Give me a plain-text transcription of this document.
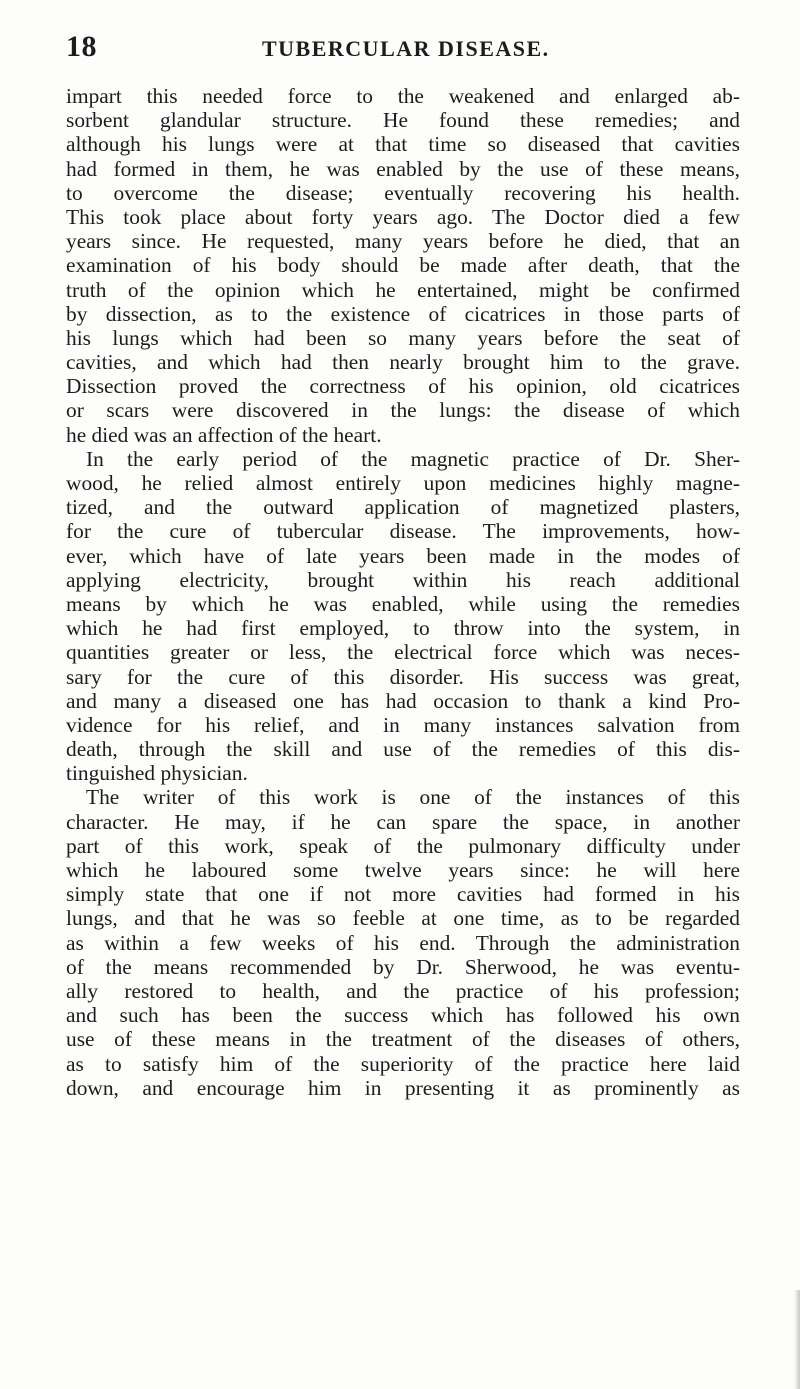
18	TUBERCULAR DISEASE.
impart this needed force to the weakened and enlarged ab-
sorbent glandular structure. He found these remedies; and
although his lungs were at that time so diseased that cavities
had formed in them, he was enabled by the use of these means,
to overcome the disease; eventually recovering his health.
This took place about forty years ago. The Doctor died a few
years since. He requested, many years before he died, that an
examination of his body should be made after death, that the
truth of the opinion which he entertained, might be confirmed
by dissection, as to the existence of cicatrices in those parts of
his lungs which had been so many years before the seat of
cavities, and which had then nearly brought him to the grave.
Dissection proved the correctness of his opinion, old cicatrices
or scars were discovered in the lungs: the disease of which
he died was an affection of the heart.
In the early period of the magnetic practice of Dr. Sher-
wood, he relied almost entirely upon medicines highly magne-
tized, and the outward application of magnetized plasters,
for the cure of tubercular disease. The improvements, how-
ever, which have of late years been made in the modes of
applying electricity, brought within his reach additional
means by which he was enabled, while using the remedies
which he had first employed, to throw into the system, in
quantities greater or less, the electrical force which was neces-
sary for the cure of this disorder. His success was great,
and many a diseased one has had occasion to thank a kind Pro-
vidence for his relief, and in many instances salvation from
death, through the skill and use of the remedies of this dis-
tinguished physician.
The writer of this work is one of the instances of this
character. He may, if he can spare the space, in another
part of this work, speak of the pulmonary difficulty under
which he laboured some twelve years since: he will here
simply state that one if not more cavities had formed in his
lungs, and that he was so feeble at one time, as to be regarded
as within a few weeks of his end. Through the administration
of the means recommended by Dr. Sherwood, he was eventu-
ally restored to health, and the practice of his profession;
and such has been the success which has followed his own
use of these means in the treatment of the diseases of others,
as to satisfy him of the superiority of the practice here laid
down, and encourage him in presenting it as prominently as
